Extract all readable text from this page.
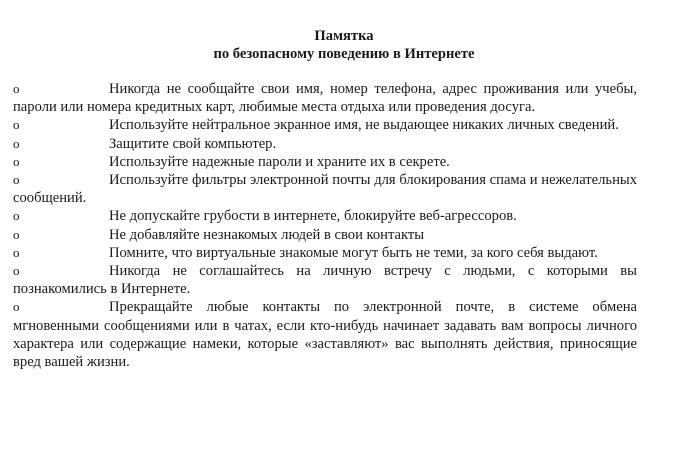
Памятка

по безопасному поведению в Интернете

o	Никогда не сообщайте свои имя, номер телефона, адрес проживания или учебы, пароли или номера кредитных карт, любимые места отдыха или проведения досуга.
o	Используйте нейтральное экранное имя, не выдающее никаких личных сведений.
o	Защитите свой компьютер.
o	Используйте надежные пароли и храните их в секрете.
o	Используйте фильтры электронной почты для блокирования спама и нежелательных сообщений.
o	Не допускайте грубости в интернете, блокируйте веб-агрессоров.
o	Не добавляйте незнакомых людей в свои контакты
o	Помните, что виртуальные знакомые могут быть не теми, за кого себя выдают.
o	Никогда не соглашайтесь на личную встречу с людьми, с которыми вы познакомились в Интернете.
o	Прекращайте любые контакты по электронной почте, в системе обмена мгновенными сообщениями или в чатах, если кто-нибудь начинает задавать вам вопросы личного характера или содержащие намеки, которые «заставляют» вас выполнять действия, приносящие вред вашей жизни.
